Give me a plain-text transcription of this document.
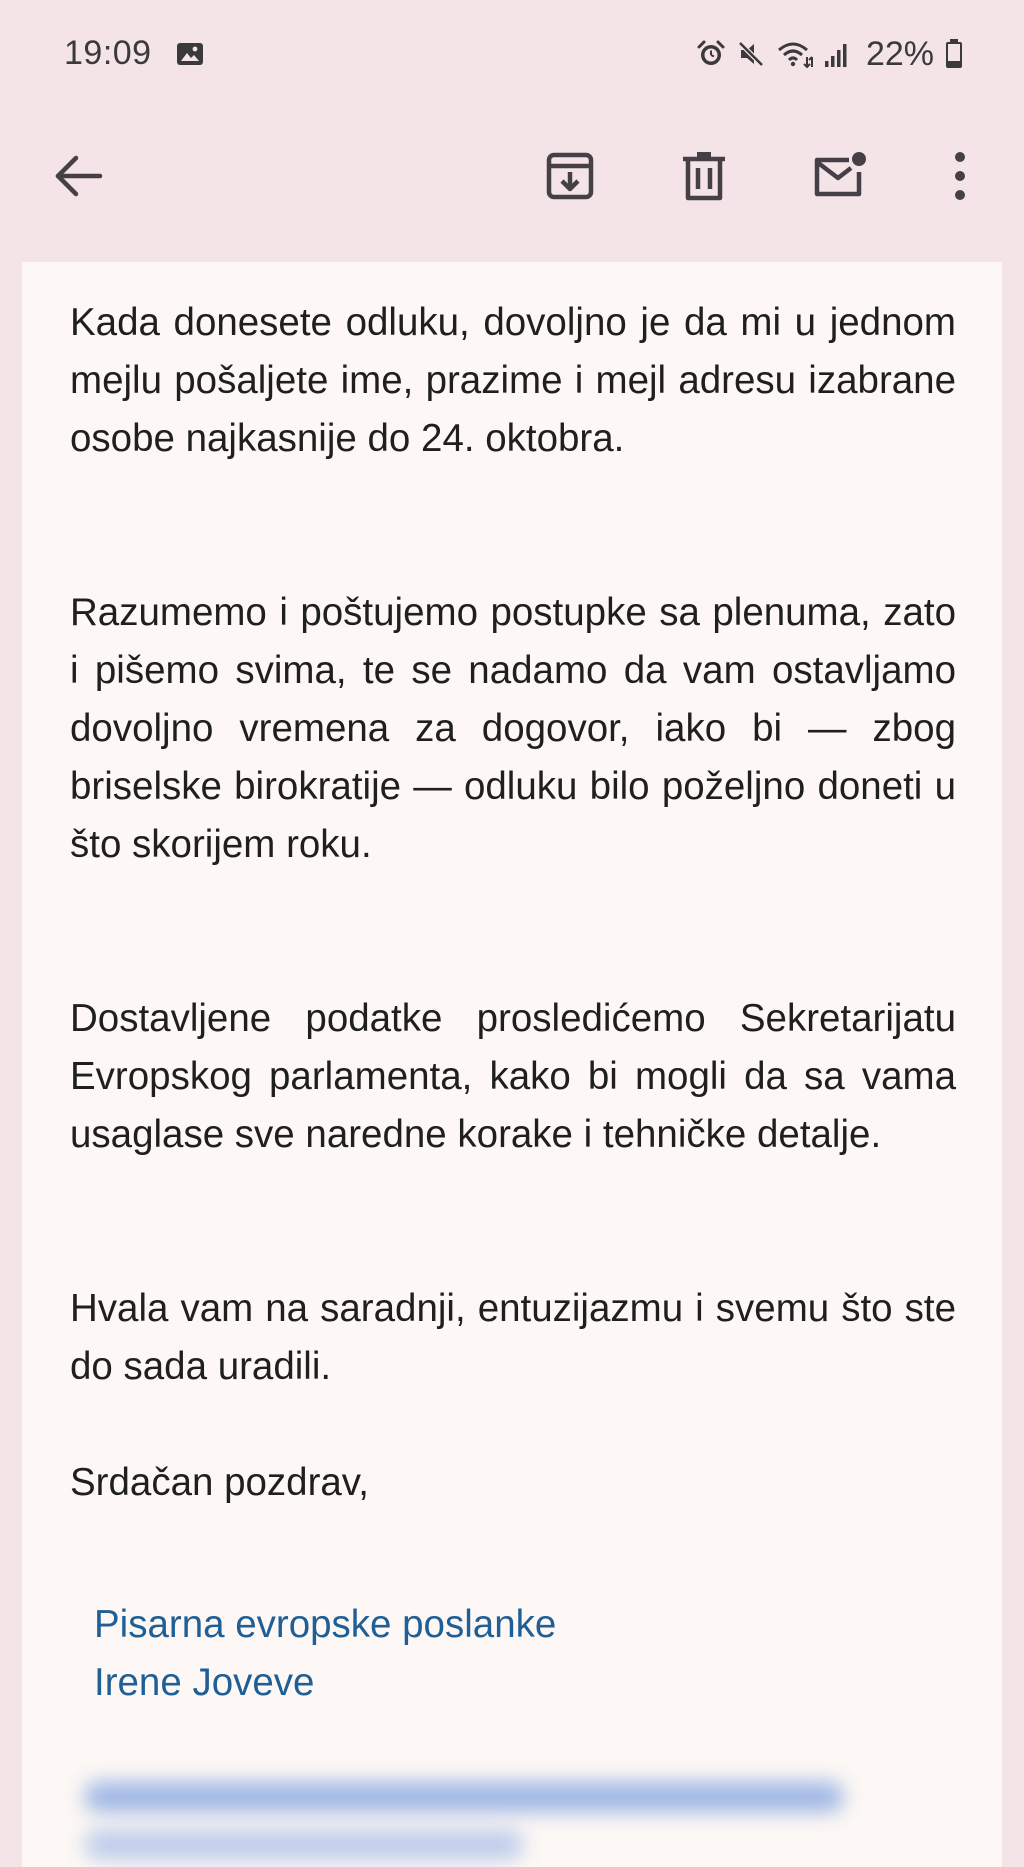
19:09	22%

Kada donesete odluku, dovoljno je da mi u jednom mejlu pošaljete ime, prazime i mejl adresu izabrane osobe najkasnije do 24. oktobra.

Razumemo i poštujemo postupke sa plenuma, zato i pišemo svima, te se nadamo da vam ostavljamo dovoljno vremena za dogovor, iako bi — zbog briselske birokratije — odluku bilo poželjno doneti u što skorijem roku.

Dostavljene podatke prosledićemo Sekretarijatu Evropskog parlamenta, kako bi mogli da sa vama usaglase sve naredne korake i tehničke detalje.

Hvala vam na saradnji, entuzijazmu i svemu što ste do sada uradili.

Srdačan pozdrav,

Pisarna evropske poslanke
Irene Joveve
